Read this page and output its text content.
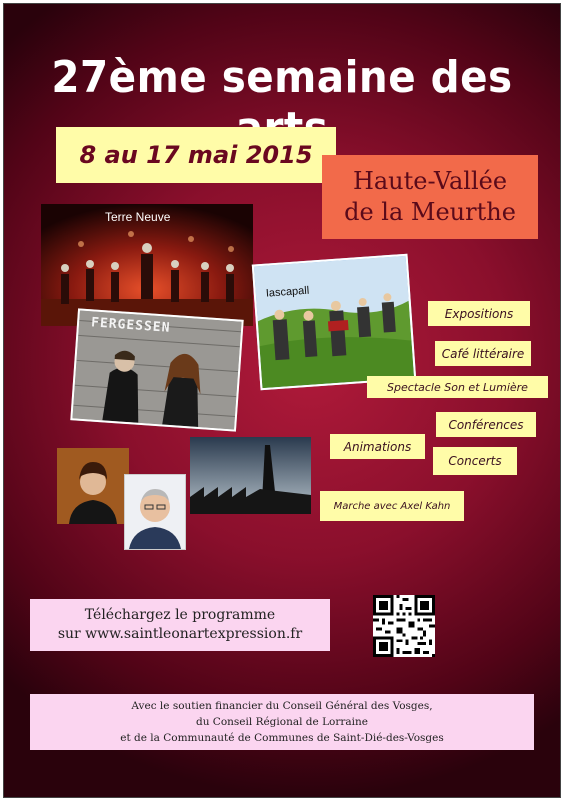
27ème semaine des
8 au 17 mai 2015
Haute-Vallée
de la Meurthe
Terre Neuve
Iascapall
FERGESSEN
Expositions
Café littéraire
Spectacle Son et Lumière
Conférences
Animations
Concerts
Marche avec Axel Kahn
Téléchargez le programme
sur www.saintleonartexpression.fr
Avec le soutien financier du Conseil Général des Vosges,
du Conseil Régional de Lorraine
et de la Communauté de Communes de Saint-Dié-des-Vosges
